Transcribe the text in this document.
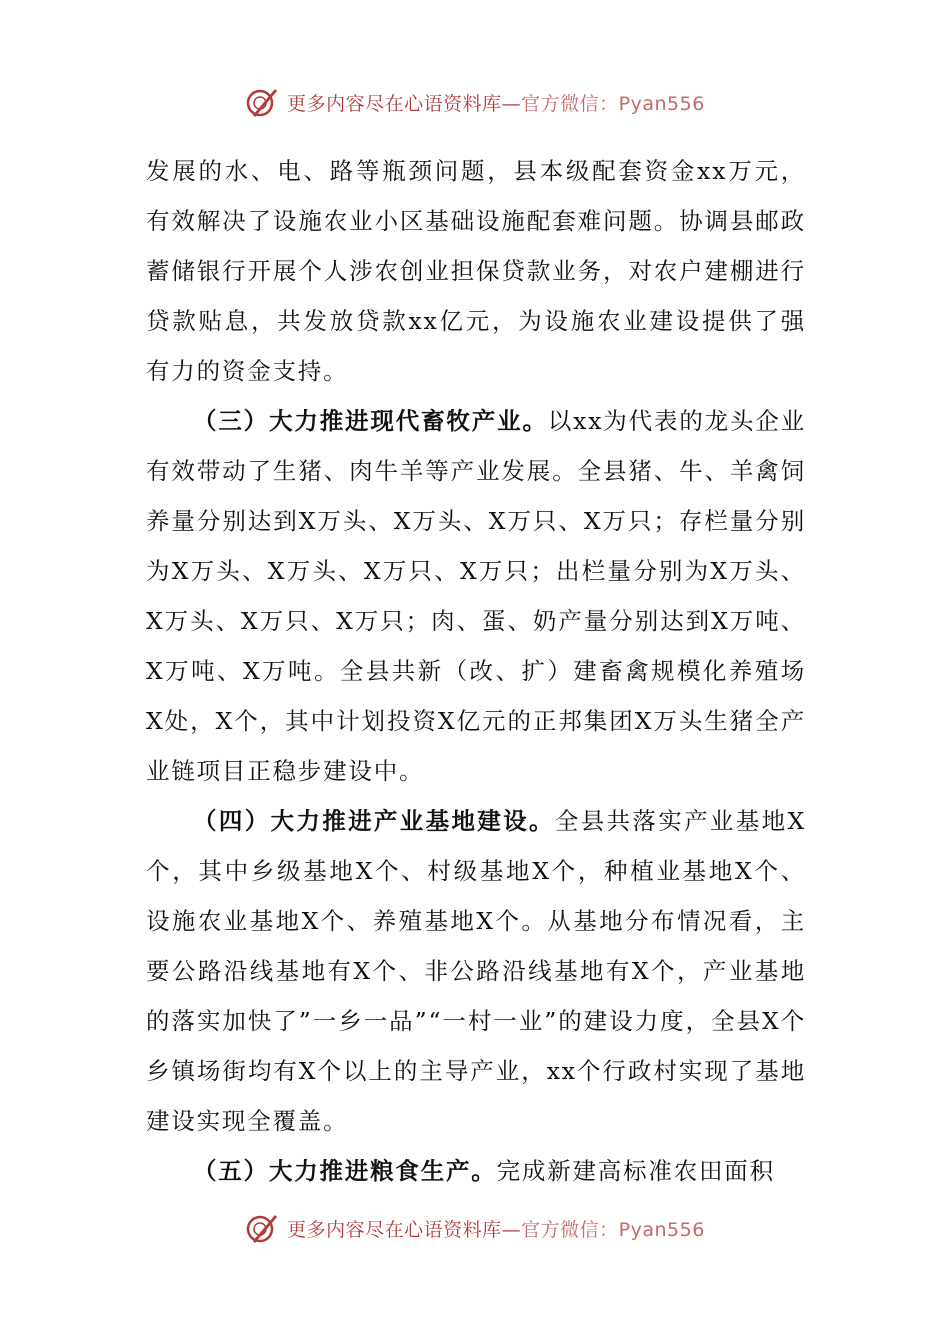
更多内容尽在心语资料库—官方微信：Pyan556

发展的水、电、路等瓶颈问题，县本级配套资金xx万元，有效解决了设施农业小区基础设施配套难问题。协调县邮政蓄储银行开展个人涉农创业担保贷款业务，对农户建棚进行贷款贴息，共发放贷款xx亿元，为设施农业建设提供了强有力的资金支持。

（三）大力推进现代畜牧产业。以xx为代表的龙头企业有效带动了生猪、肉牛羊等产业发展。全县猪、牛、羊禽饲养量分别达到X万头、X万头、X万只、X万只；存栏量分别为X万头、X万头、X万只、X万只；出栏量分别为X万头、X万头、X万只、X万只；肉、蛋、奶产量分别达到X万吨、X万吨、X万吨。全县共新（改、扩）建畜禽规模化养殖场X处，X个，其中计划投资X亿元的正邦集团X万头生猪全产业链项目正稳步建设中。

（四）大力推进产业基地建设。全县共落实产业基地X个，其中乡级基地X个、村级基地X个，种植业基地X个、设施农业基地X个、养殖基地X个。从基地分布情况看，主要公路沿线基地有X个、非公路沿线基地有X个，产业基地的落实加快了”一乡一品”“一村一业”的建设力度，全县X个乡镇场街均有X个以上的主导产业，xx个行政村实现了基地建设实现全覆盖。

（五）大力推进粮食生产。完成新建高标准农田面积

更多内容尽在心语资料库—官方微信：Pyan556
